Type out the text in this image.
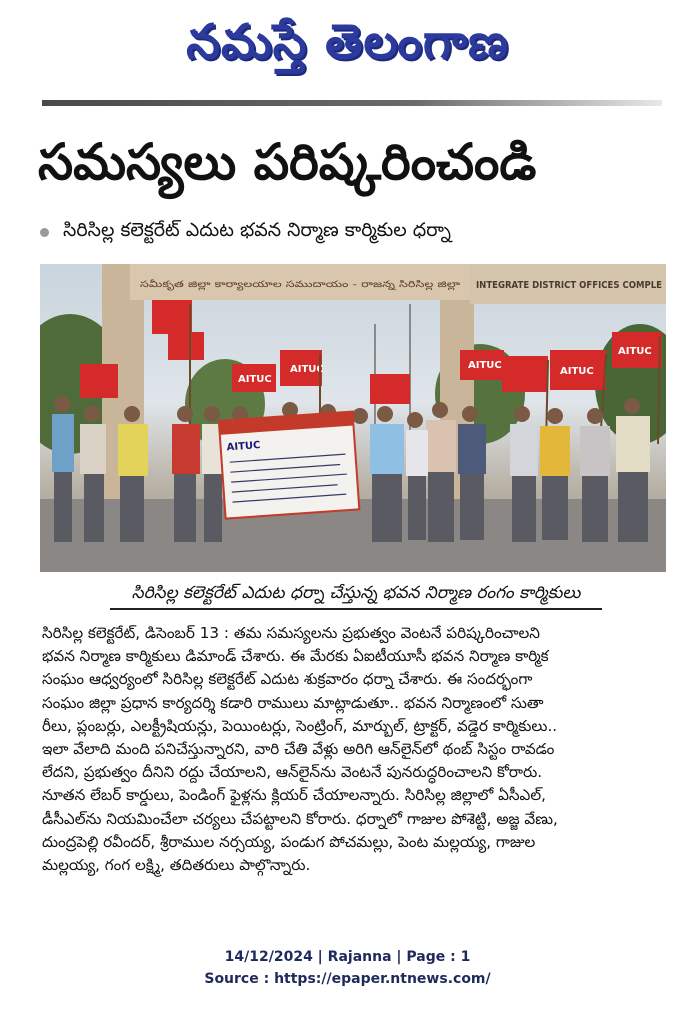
నమస్తే తెలంగాణ
సమస్యలు పరిష్కరించండి
సిరిసిల్ల కలెక్టరేట్ ఎదుట భవన నిర్మాణ కార్మికుల ధర్నా
సమీకృత జిల్లా కార్యాలయాల సముదాయం - రాజన్న సిరిసిల్ల జిల్లా	INTEGRATE DISTRICT OFFICES COMPLE
AITUC	AITUC
AITUC
AITUC
AITUC
AITUC
సిరిసిల్ల కలెక్టరేట్ ఎదుట ధర్నా చేస్తున్న భవన నిర్మాణ రంగం కార్మికులు
సిరిసిల్ల కలెక్టరేట్, డిసెంబర్ 13 : తమ సమస్యలను ప్రభుత్వం వెంటనే పరిష్కరించాలని
భవన నిర్మాణ కార్మికులు డిమాండ్ చేశారు. ఈ మేరకు ఏఐటీయూసీ భవన నిర్మాణ కార్మిక
సంఘం ఆధ్వర్యంలో సిరిసిల్ల కలెక్టరేట్ ఎదుట శుక్రవారం ధర్నా చేశారు. ఈ సందర్భంగా
సంఘం జిల్లా ప్రధాన కార్యదర్శి కడారి రాములు మాట్లాడుతూ.. భవన నిర్మాణంలో సుతా
రీలు, ప్లంబర్లు, ఎలక్ట్రీషియన్లు, పెయింటర్లు, సెంట్రింగ్, మార్బుల్, ట్రాక్టర్, వడ్డెర కార్మికులు..
ఇలా వేలాది మంది పనిచేస్తున్నారని, వారి చేతి వేళ్లు అరిగి ఆన్‌లైన్‌లో థంబ్ సిస్టం రావడం
లేదని, ప్రభుత్వం దీనిని రద్దు చేయాలని, ఆన్‌లైన్‌ను వెంటనే పునరుద్ధరించాలని కోరారు.
నూతన లేబర్ కార్డులు, పెండింగ్ ఫైళ్లను క్లియర్ చేయాలన్నారు. సిరిసిల్ల జిల్లాలో ఏసీఎల్,
డీసీఎల్‌ను నియమించేలా చర్యలు చేపట్టాలని కోరారు. ధర్నాలో గాజుల పోశెట్టి, అజ్జ వేణు,
దుంద్రపెల్లి రవీందర్, శ్రీరాముల నర్సయ్య, పండుగ పోచమల్లు, పెంట మల్లయ్య, గాజుల
మల్లయ్య, గంగ లక్ష్మి, తదితరులు పాల్గొన్నారు.
14/12/2024 | Rajanna | Page : 1
Source : https://epaper.ntnews.com/
